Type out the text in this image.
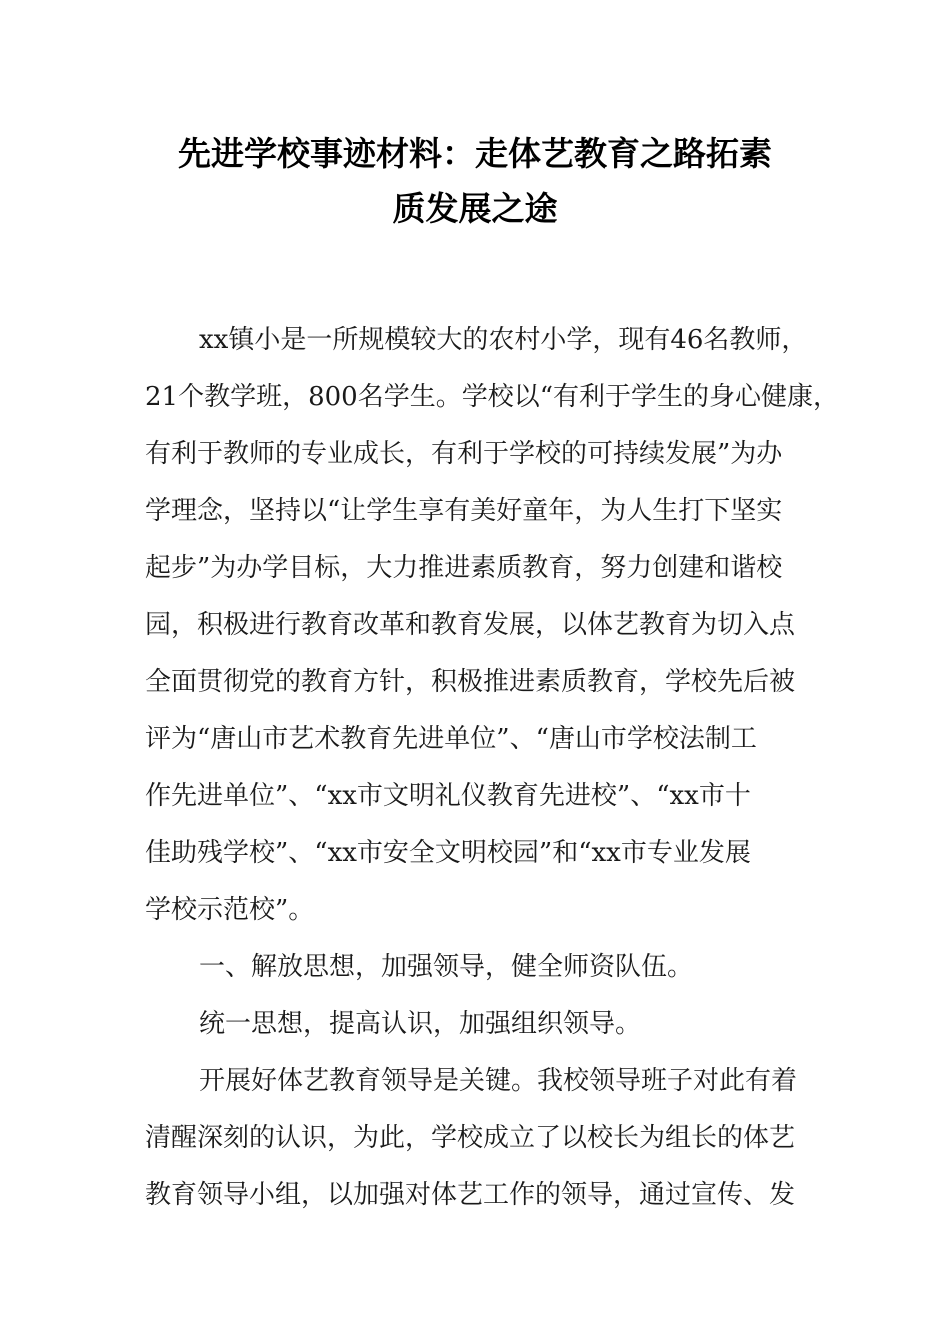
先进学校事迹材料：走体艺教育之路拓素
质发展之途
xx镇小是一所规模较大的农村小学，现有46名教师，
21个教学班，800名学生。学校以“有利于学生的身心健康，
有利于教师的专业成长，有利于学校的可持续发展”为办
学理念，坚持以“让学生享有美好童年，为人生打下坚实
起步”为办学目标，大力推进素质教育，努力创建和谐校
园，积极进行教育改革和教育发展，以体艺教育为切入点
全面贯彻党的教育方针，积极推进素质教育，学校先后被
评为“唐山市艺术教育先进单位”、“唐山市学校法制工
作先进单位”、“xx市文明礼仪教育先进校”、“xx市十
佳助残学校”、“xx市安全文明校园”和“xx市专业发展
学校示范校”。
一、解放思想，加强领导，健全师资队伍。
统一思想，提高认识，加强组织领导。
开展好体艺教育领导是关键。我校领导班子对此有着
清醒深刻的认识，为此，学校成立了以校长为组长的体艺
教育领导小组，以加强对体艺工作的领导，通过宣传、发
